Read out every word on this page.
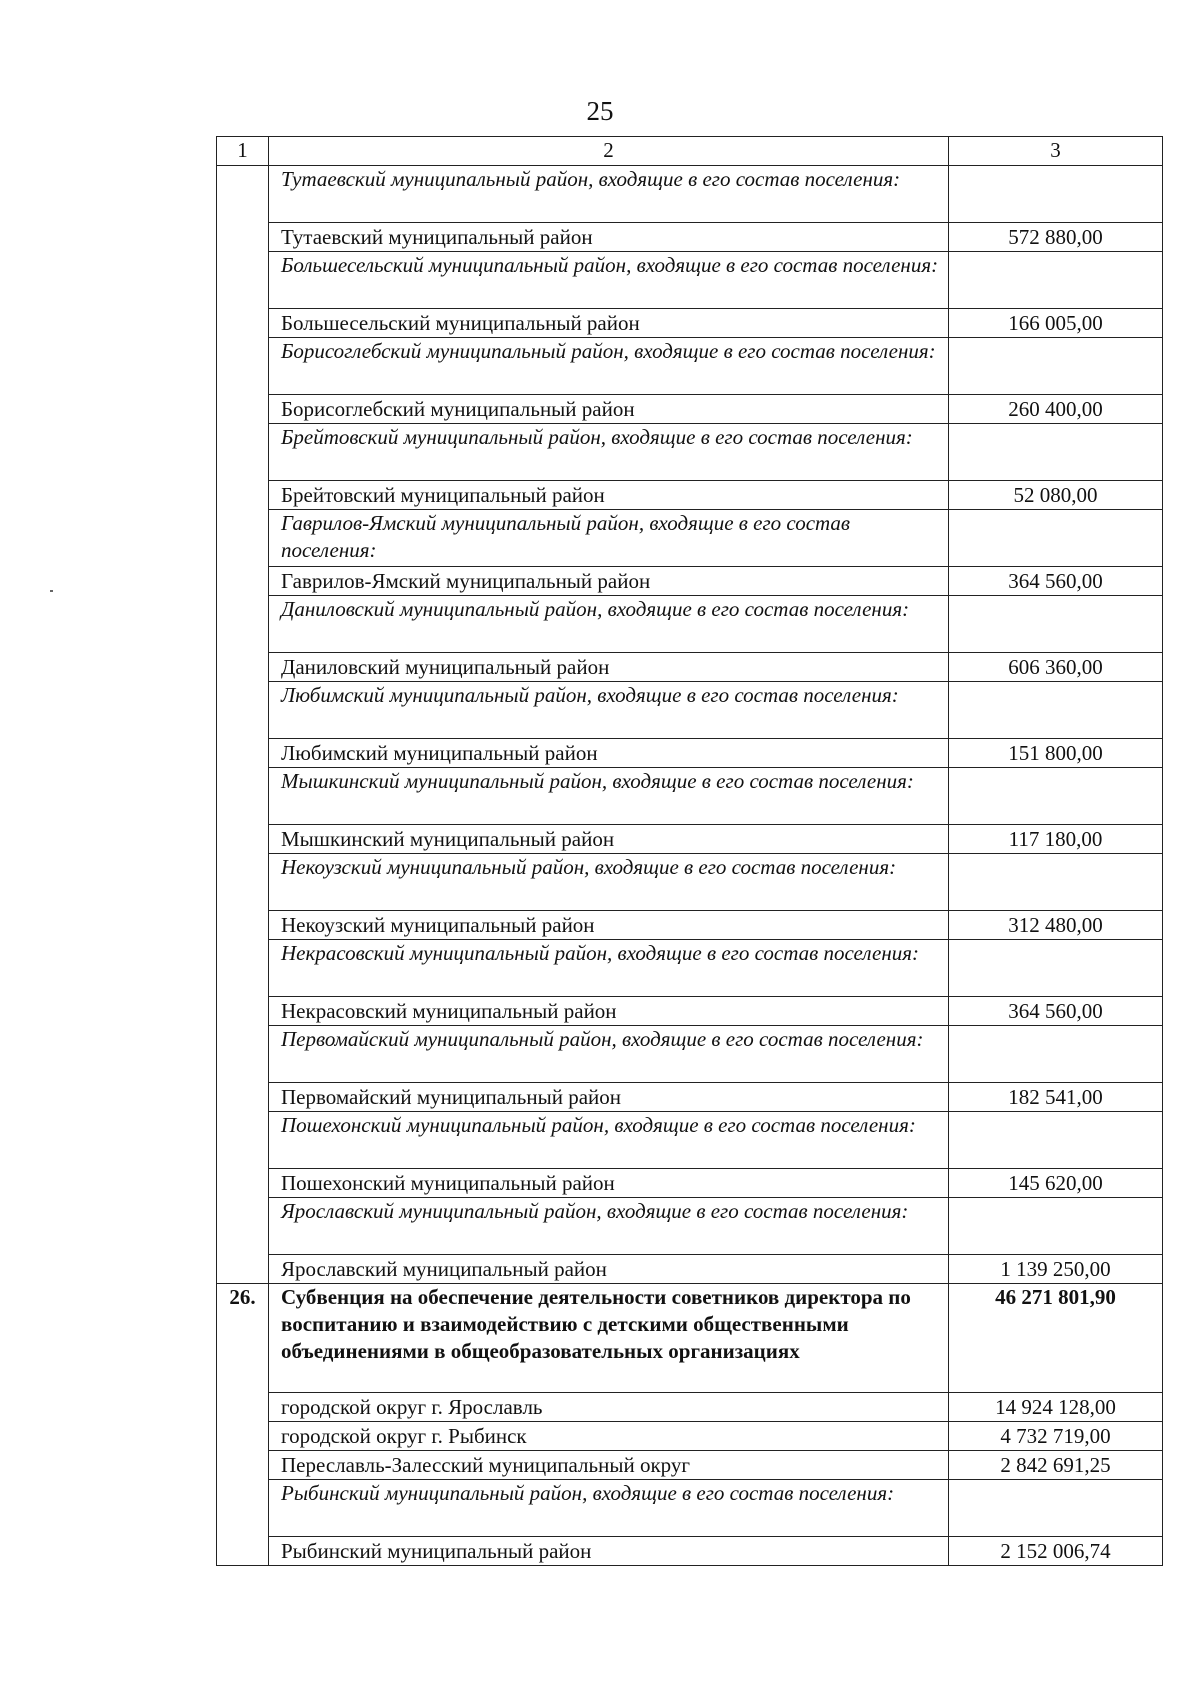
25
1	2	3
	Тутаевский муниципальный район, входящие в его состав поселения:	
	Тутаевский муниципальный район	572 880,00
	Большесельский муниципальный район, входящие в его состав поселения:	
	Большесельский муниципальный район	166 005,00
	Борисоглебский муниципальный район, входящие в его состав поселения:	
	Борисоглебский муниципальный район	260 400,00
	Брейтовский муниципальный район, входящие в его состав поселения:	
	Брейтовский муниципальный район	52 080,00
	Гаврилов-Ямский муниципальный район, входящие в его состав поселения:	
	Гаврилов-Ямский муниципальный район	364 560,00
	Даниловский муниципальный район, входящие в его состав поселения:	
	Даниловский муниципальный район	606 360,00
	Любимский муниципальный район, входящие в его состав поселения:	
	Любимский муниципальный район	151 800,00
	Мышкинский муниципальный район, входящие в его состав поселения:	
	Мышкинский муниципальный район	117 180,00
	Некоузский муниципальный район, входящие в его состав поселения:	
	Некоузский муниципальный район	312 480,00
	Некрасовский муниципальный район, входящие в его состав поселения:	
	Некрасовский муниципальный район	364 560,00
	Первомайский муниципальный район, входящие в его состав поселения:	
	Первомайский муниципальный район	182 541,00
	Пошехонский муниципальный район, входящие в его состав поселения:	
	Пошехонский муниципальный район	145 620,00
	Ярославский муниципальный район, входящие в его состав поселения:	
	Ярославский муниципальный район	1 139 250,00
26.	Субвенция на обеспечение деятельности советников директора по воспитанию и взаимодействию с детскими общественными объединениями в общеобразовательных организациях	46 271 801,90
	городской округ г. Ярославль	14 924 128,00
	городской округ г. Рыбинск	4 732 719,00
	Переславль-Залесский муниципальный округ	2 842 691,25
	Рыбинский муниципальный район, входящие в его состав поселения:	
	Рыбинский муниципальный район	2 152 006,74
